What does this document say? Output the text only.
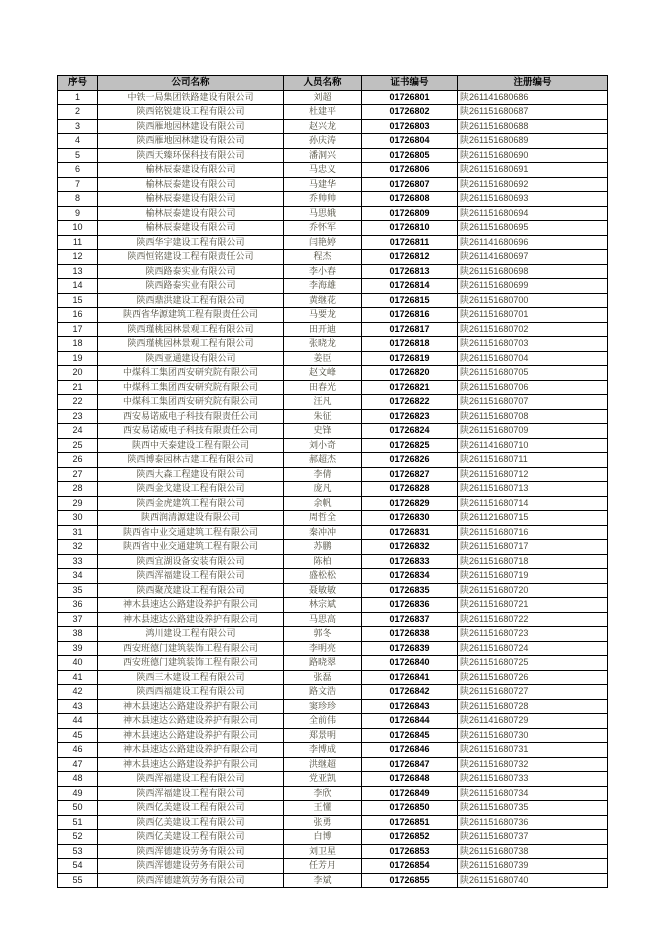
序号	公司名称	人员名称	证书编号	注册编号
1	中铁一局集团铁路建设有限公司	刘超	01726801	陕261141680686
2	陕西铭锐建设工程有限公司	杜建平	01726802	陕261151680687
3	陕西雁地园林建设有限公司	赵兴龙	01726803	陕261151680688
4	陕西雁地园林建设有限公司	孙庆涛	01726804	陕261151680689
5	陕西天臻环保科技有限公司	潘洞兴	01726805	陕261151680690
6	榆林辰泰建设有限公司	马忠义	01726806	陕261151680691
7	榆林辰泰建设有限公司	马建华	01726807	陕261151680692
8	榆林辰泰建设有限公司	乔帅帅	01726808	陕261151680693
9	榆林辰泰建设有限公司	马思娥	01726809	陕261151680694
10	榆林辰泰建设有限公司	乔怀军	01726810	陕261151680695
11	陕西华宇建设工程有限公司	闫艳婷	01726811	陕261141680696
12	陕西恒铭建设工程有限责任公司	程杰	01726812	陕261141680697
13	陕西路泰实业有限公司	李小春	01726813	陕261151680698
14	陕西路泰实业有限公司	李海雄	01726814	陕261151680699
15	陕西鼎洪建设工程有限公司	黄继花	01726815	陕261151680700
16	陕西省华源建筑工程有限责任公司	马要龙	01726816	陕261151680701
17	陕西瑾桃园林景观工程有限公司	田开迪	01726817	陕261151680702
18	陕西瑾桃园林景观工程有限公司	张晓龙	01726818	陕261151680703
19	陕西亚通建设有限公司	姜臣	01726819	陕261151680704
20	中煤科工集团西安研究院有限公司	赵文峰	01726820	陕261151680705
21	中煤科工集团西安研究院有限公司	田春光	01726821	陕261151680706
22	中煤科工集团西安研究院有限公司	汪凡	01726822	陕261151680707
23	西安易诺威电子科技有限责任公司	朱征	01726823	陕261151680708
24	西安易诺威电子科技有限责任公司	史锋	01726824	陕261151680709
25	陕西中天泰建设工程有限公司	刘小奇	01726825	陕261141680710
26	陕西博泰园林古建工程有限公司	郝超杰	01726826	陕261151680711
27	陕西大森工程建设有限公司	李倩	01726827	陕261151680712
28	陕西金戈建设工程有限公司	庞凡	01726828	陕261151680713
29	陕西金虎建筑工程有限公司	余帆	01726829	陕261151680714
30	陕西润清源建设有限公司	周哲全	01726830	陕261121680715
31	陕西省中业交通建筑工程有限公司	秦冲冲	01726831	陕261151680716
32	陕西省中业交通建筑工程有限公司	苏鹏	01726832	陕261151680717
33	陕西宜湖设备安装有限公司	陈柏	01726833	陕261151680718
34	陕西浑福建设工程有限公司	盛松松	01726834	陕261151680719
35	陕西聚茂建设工程有限公司	聂敏敏	01726835	陕261151680720
36	神木县速达公路建设养护有限公司	林宗斌	01726836	陕261151680721
37	神木县速达公路建设养护有限公司	马思高	01726837	陕261151680722
38	鸿川建设工程有限公司	郭冬	01726838	陕261151680723
39	西安班德门建筑装饰工程有限公司	李明亮	01726839	陕261151680724
40	西安班德门建筑装饰工程有限公司	路晓翠	01726840	陕261151680725
41	陕西三木建设工程有限公司	张磊	01726841	陕261151680726
42	陕西西福建设工程有限公司	路文浩	01726842	陕261151680727
43	神木县速达公路建设养护有限公司	窦珍珍	01726843	陕261151680728
44	神木县速达公路建设养护有限公司	全前伟	01726844	陕261141680729
45	神木县速达公路建设养护有限公司	郑景明	01726845	陕261151680730
46	神木县速达公路建设养护有限公司	李博成	01726846	陕261151680731
47	神木县速达公路建设养护有限公司	洪继超	01726847	陕261151680732
48	陕西浑福建设工程有限公司	党亚凯	01726848	陕261151680733
49	陕西浑福建设工程有限公司	李欣	01726849	陕261151680734
50	陕西亿美建设工程有限公司	王懂	01726850	陕261151680735
51	陕西亿美建设工程有限公司	张勇	01726851	陕261151680736
52	陕西亿美建设工程有限公司	白博	01726852	陕261151680737
53	陕西浑德建设劳务有限公司	刘卫星	01726853	陕261151680738
54	陕西浑德建设劳务有限公司	任芳月	01726854	陕261151680739
55	陕西浑德建筑劳务有限公司	李斌	01726855	陕261151680740
